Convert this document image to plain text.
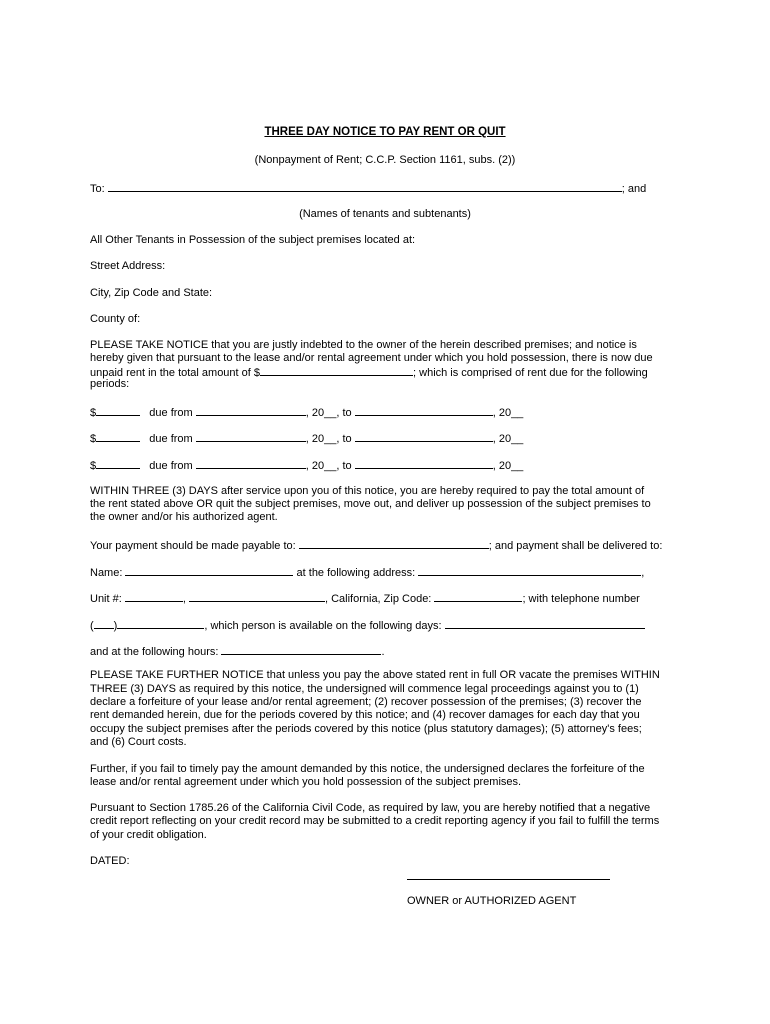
THREE DAY NOTICE TO PAY RENT OR QUIT
(Nonpayment of Rent; C.C.P. Section 1161, subs. (2))
To:	; and
(Names of tenants and subtenants)
All Other Tenants in Possession of the subject premises located at:
Street Address:
City, Zip Code and State:
County of:
PLEASE TAKE NOTICE that you are justly indebted to the owner of the herein described premises; and notice is
hereby given that pursuant to the lease and/or rental agreement under which you hold possession, there is now due
unpaid rent in the total amount of $	; which is comprised of rent due for the following
periods:
$	due from	, 20__, to	, 20__
$	due from	, 20__, to	, 20__
$	due from	, 20__, to	, 20__
WITHIN THREE (3) DAYS after service upon you of this notice, you are hereby required to pay the total amount of
the rent stated above OR quit the subject premises, move out, and deliver up possession of the subject premises to
the owner and/or his authorized agent.
Your payment should be made payable to:	; and payment shall be delivered to:
Name:	at the following address:	,
Unit #:	,	, California, Zip Code:	; with telephone number
( )	, which person is available on the following days:
and at the following hours:	.
PLEASE TAKE FURTHER NOTICE that unless you pay the above stated rent in full OR vacate the premises WITHIN
THREE (3) DAYS as required by this notice, the undersigned will commence legal proceedings against you to (1)
declare a forfeiture of your lease and/or rental agreement; (2) recover possession of the premises; (3) recover the
rent demanded herein, due for the periods covered by this notice; and (4) recover damages for each day that you
occupy the subject premises after the periods covered by this notice (plus statutory damages); (5) attorney's fees;
and (6) Court costs.
Further, if you fail to timely pay the amount demanded by this notice, the undersigned declares the forfeiture of the
lease and/or rental agreement under which you hold possession of the subject premises.
Pursuant to Section 1785.26 of the California Civil Code, as required by law, you are hereby notified that a negative
credit report reflecting on your credit record may be submitted to a credit reporting agency if you fail to fulfill the terms
of your credit obligation.
DATED:
OWNER or AUTHORIZED AGENT
